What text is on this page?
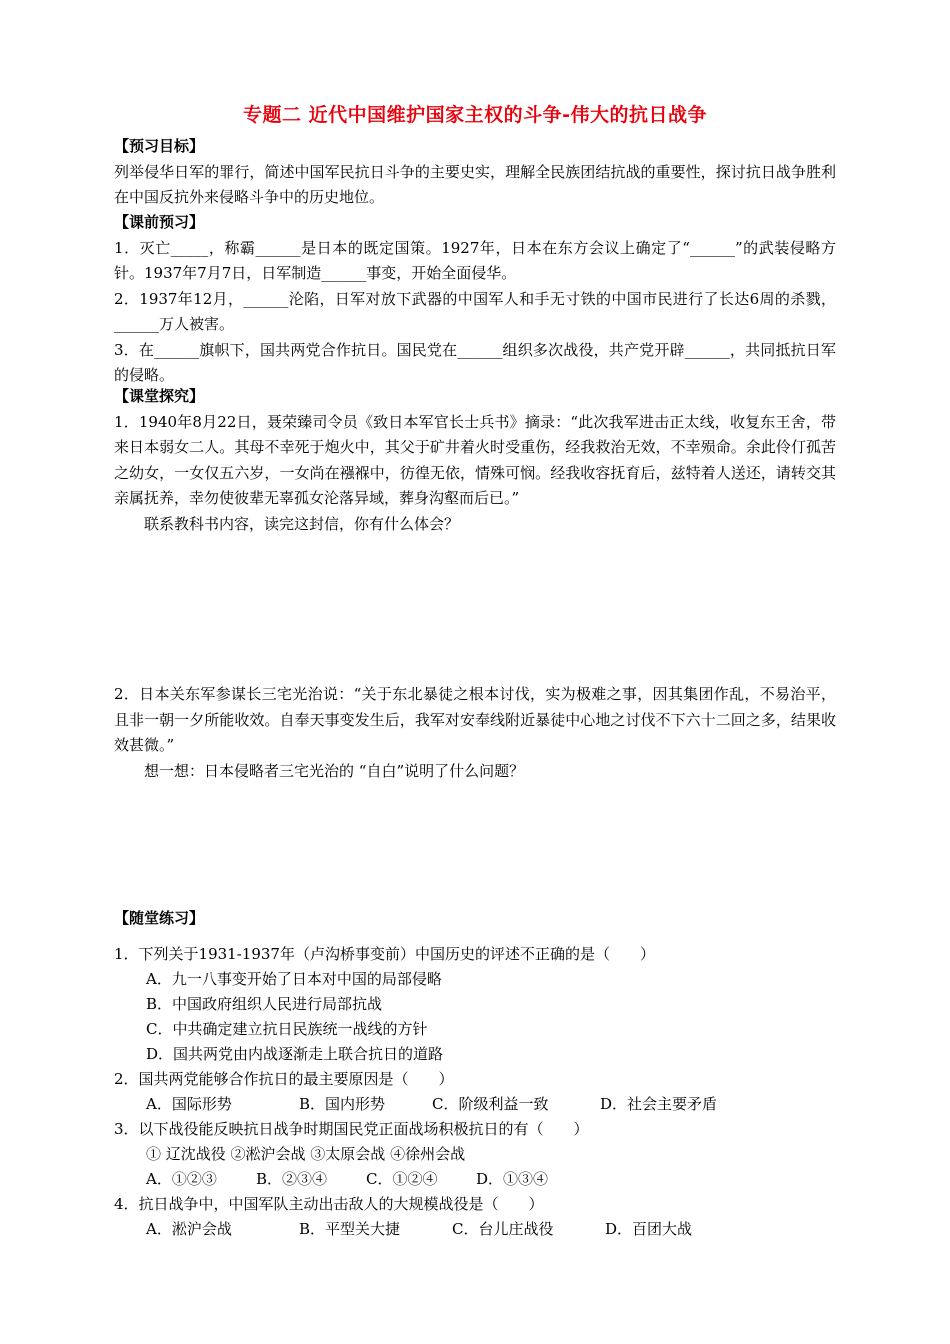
专题二 近代中国维护国家主权的斗争-伟大的抗日战争
【预习目标】
列举侵华日军的罪行，简述中国军民抗日斗争的主要史实，理解全民族团结抗战的重要性，探讨抗日战争胜利在中国反抗外来侵略斗争中的历史地位。
【课前预习】
1．灭亡_____，称霸______是日本的既定国策。1927年，日本在东方会议上确定了“______”的武装侵略方针。1937年7月7日，日军制造______事变，开始全面侵华。
2．1937年12月，______沦陷，日军对放下武器的中国军人和手无寸铁的中国市民进行了长达6周的杀戮，______万人被害。
3．在______旗帜下，国共两党合作抗日。国民党在______组织多次战役，共产党开辟______，共同抵抗日军的侵略。
【课堂探究】
1．1940年8月22日，聂荣臻司令员《致日本军官长士兵书》摘录：“此次我军进击正太线，收复东王舍，带来日本弱女二人。其母不幸死于炮火中，其父于矿井着火时受重伤，经我救治无效，不幸殒命。余此伶仃孤苦之幼女，一女仅五六岁，一女尚在襁褓中，彷徨无依，情殊可悯。经我收容抚育后，兹特着人送还，请转交其亲属抚养，幸勿使彼辈无辜孤女沦落异域，葬身沟壑而后已。”
联系教科书内容，读完这封信，你有什么体会？
2．日本关东军参谋长三宅光治说：“关于东北暴徒之根本讨伐，实为极难之事，因其集团作乱，不易治平，且非一朝一夕所能收效。自奉天事变发生后，我军对安奉线附近暴徒中心地之讨伐不下六十二回之多，结果收效甚微。”
想一想：日本侵略者三宅光治的 “自白”说明了什么问题？
【随堂练习】
1．下列关于1931-1937年（卢沟桥事变前）中国历史的评述不正确的是（　　）
A．九一八事变开始了日本对中国的局部侵略
B．中国政府组织人民进行局部抗战
C．中共确定建立抗日民族统一战线的方针
D．国共两党由内战逐渐走上联合抗日的道路
2．国共两党能够合作抗日的最主要原因是（　　）
A．国际形势	B．国内形势	C．阶级利益一致	D．社会主要矛盾
3．以下战役能反映抗日战争时期国民党正面战场积极抗日的有（　　）
① 辽沈战役 ②淞沪会战 ③太原会战 ④徐州会战
A．①②③	B．②③④	C．①②④	D．①③④
4．抗日战争中，中国军队主动出击敌人的大规模战役是（　　）
A．淞沪会战	B．平型关大捷	C．台儿庄战役	D．百团大战
